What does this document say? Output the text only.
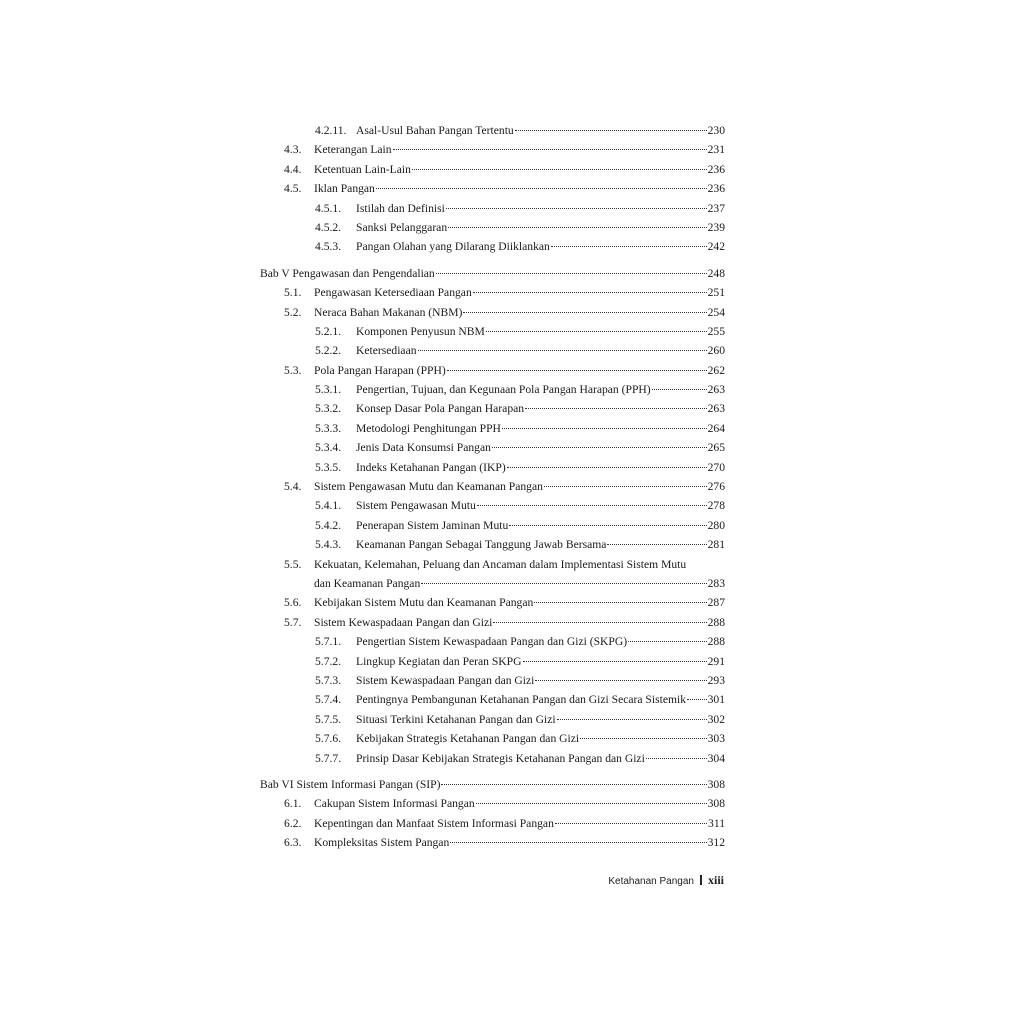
4.2.11. Asal-Usul Bahan Pangan Tertentu	230
4.3.	Keterangan Lain	231
4.4.	Ketentuan Lain-Lain	236
4.5.	Iklan Pangan	236
4.5.1.	Istilah dan Definisi	237
4.5.2.	Sanksi Pelanggaran	239
4.5.3.	Pangan Olahan yang Dilarang Diiklankan	242
Bab V Pengawasan dan Pengendalian	248
5.1.	Pengawasan Ketersediaan Pangan	251
5.2.	Neraca Bahan Makanan (NBM)	254
5.2.1.	Komponen Penyusun NBM	255
5.2.2.	Ketersediaan	260
5.3.	Pola Pangan Harapan (PPH)	262
5.3.1.	Pengertian, Tujuan, dan Kegunaan Pola Pangan Harapan (PPH)	263
5.3.2.	Konsep Dasar Pola Pangan Harapan	263
5.3.3.	Metodologi Penghitungan PPH	264
5.3.4.	Jenis Data Konsumsi Pangan	265
5.3.5.	Indeks Ketahanan Pangan (IKP)	270
5.4.	Sistem Pengawasan Mutu dan Keamanan Pangan	276
5.4.1.	Sistem Pengawasan Mutu	278
5.4.2.	Penerapan Sistem Jaminan Mutu	280
5.4.3.	Keamanan Pangan Sebagai Tanggung Jawab Bersama	281
5.5.	Kekuatan, Kelemahan, Peluang dan Ancaman dalam Implementasi Sistem Mutu
dan Keamanan Pangan	283
5.6.	Kebijakan Sistem Mutu dan Keamanan Pangan	287
5.7.	Sistem Kewaspadaan Pangan dan Gizi	288
5.7.1.	Pengertian Sistem Kewaspadaan Pangan dan Gizi (SKPG)	288
5.7.2.	Lingkup Kegiatan dan Peran SKPG	291
5.7.3.	Sistem Kewaspadaan Pangan dan Gizi	293
5.7.4.	Pentingnya Pembangunan Ketahanan Pangan dan Gizi Secara Sistemik 301
5.7.5.	Situasi Terkini Ketahanan Pangan dan Gizi	302
5.7.6.	Kebijakan Strategis Ketahanan Pangan dan Gizi	303
5.7.7.	Prinsip Dasar Kebijakan Strategis Ketahanan Pangan dan Gizi	304
Bab VI Sistem Informasi Pangan (SIP)	308
6.1.	Cakupan Sistem Informasi Pangan	308
6.2.	Kepentingan dan Manfaat Sistem Informasi Pangan	311
6.3.	Kompleksitas Sistem Pangan	312
Ketahanan Pangan xiii
